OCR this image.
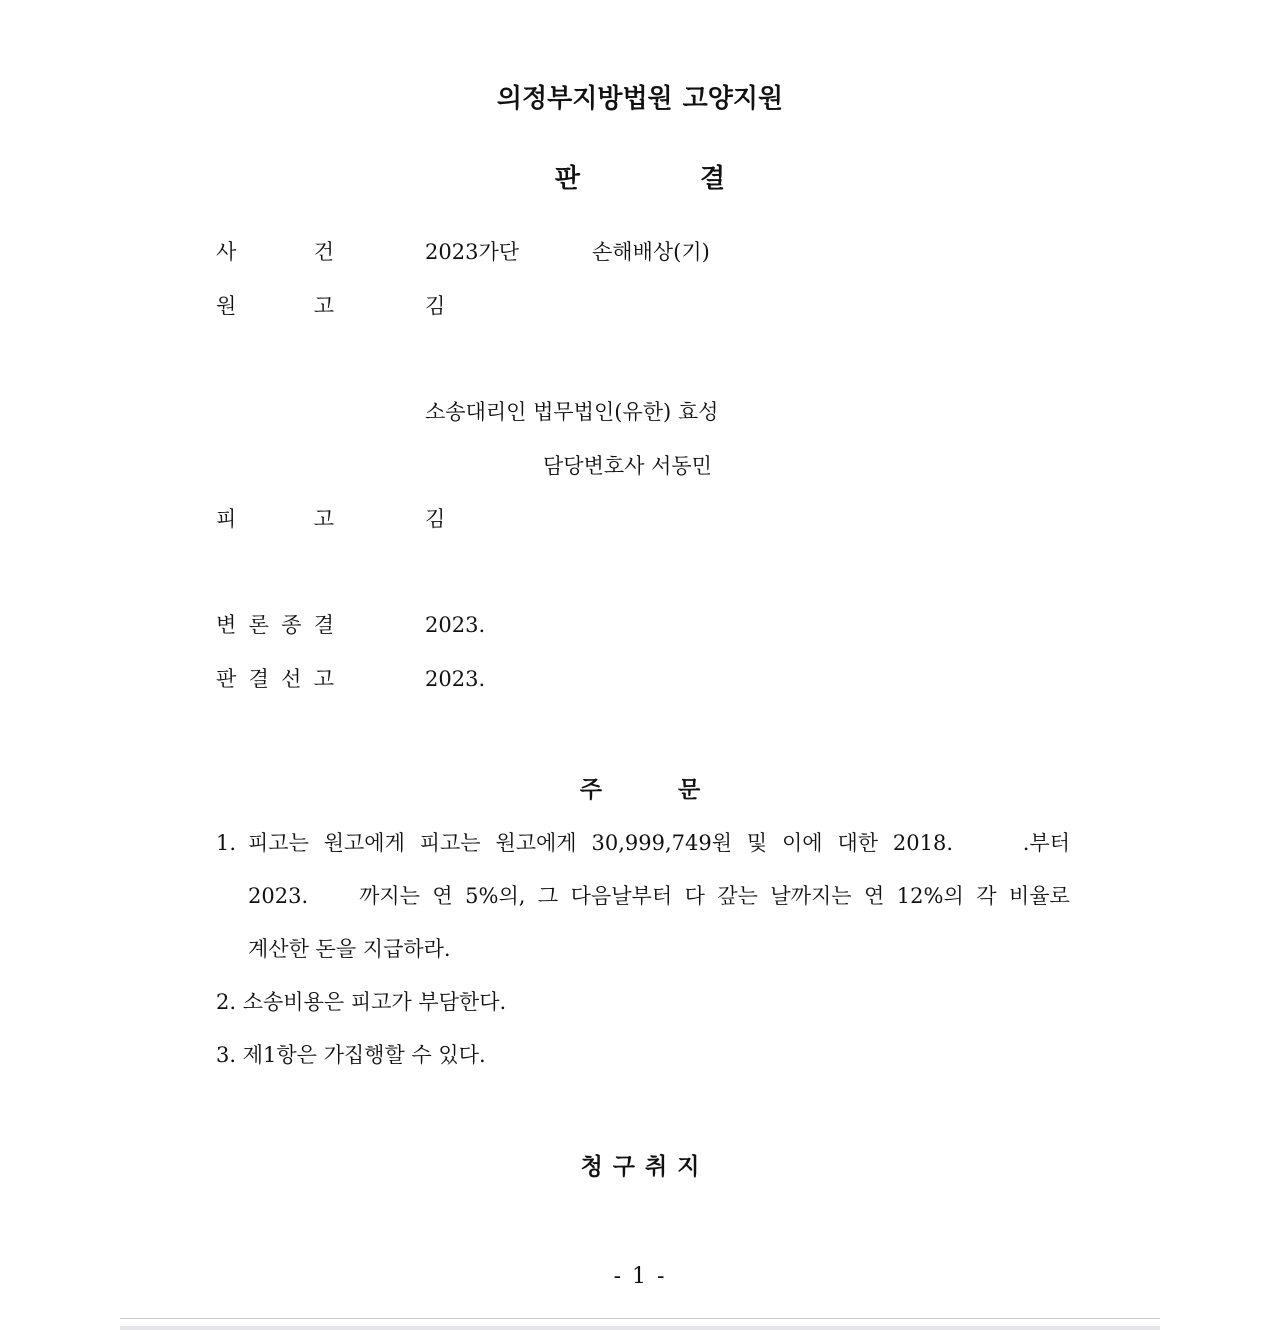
의정부지방법원 고양지원
판	결
사	건	2023가단	손해배상(기)
원	고	김
소송대리인 법무법인(유한) 효성
담당변호사 서동민
피	고	김
변 론 종 결	2023.
판 결 선 고	2023.
주	문
1. 피고는 원고에게 피고는 원고에게 30,999,749원 및 이에 대한 2018.	.부터
2023. 까지는 연 5%의, 그 다음날부터 다 갚는 날까지는 연 12%의 각 비율로
계산한 돈을 지급하라.
2. 소송비용은 피고가 부담한다.
3. 제1항은 가집행할 수 있다.
청 구 취 지
- 1 -
